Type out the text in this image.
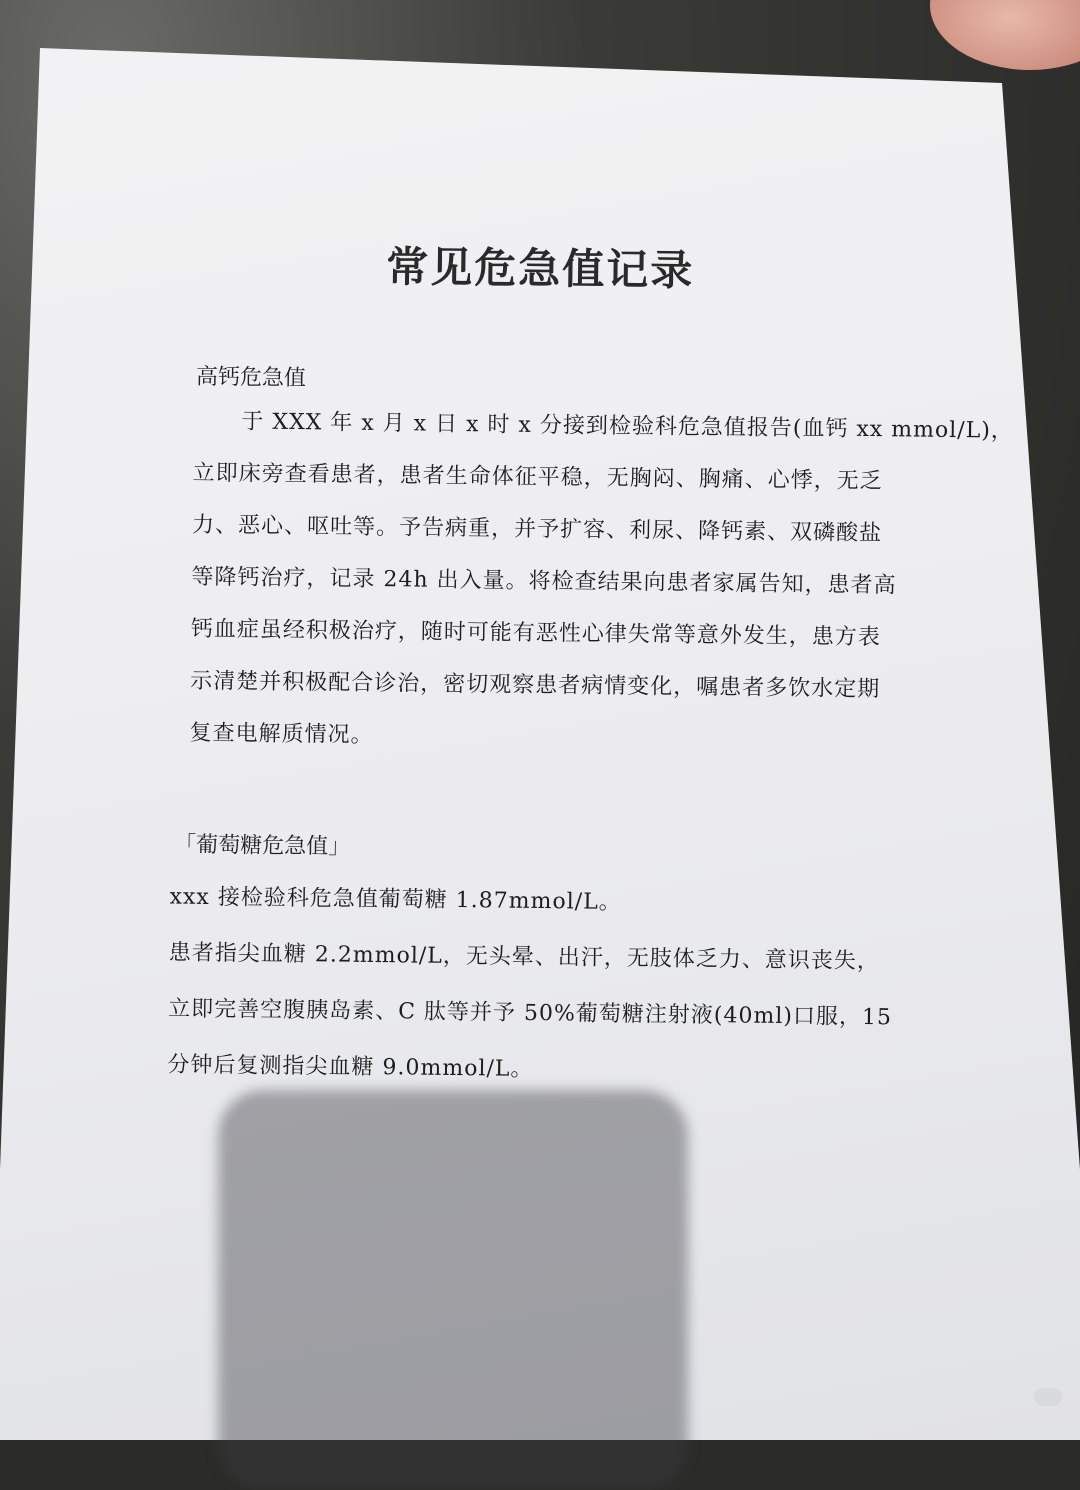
常见危急值记录
高钙危急值
于 XXX 年 x 月 x 日 x 时 x 分接到检验科危急值报告(血钙 xx mmol/L)，
立即床旁查看患者，患者生命体征平稳，无胸闷、胸痛、心悸，无乏
力、恶心、呕吐等。予告病重，并予扩容、利尿、降钙素、双磷酸盐
等降钙治疗，记录 24h 出入量。将检查结果向患者家属告知，患者高
钙血症虽经积极治疗，随时可能有恶性心律失常等意外发生，患方表
示清楚并积极配合诊治，密切观察患者病情变化，嘱患者多饮水定期
复查电解质情况。
「葡萄糖危急值」
xxx 接检验科危急值葡萄糖 1.87mmol/L。
患者指尖血糖 2.2mmol/L，无头晕、出汗，无肢体乏力、意识丧失，
立即完善空腹胰岛素、C 肽等并予 50%葡萄糖注射液(40ml)口服，15
分钟后复测指尖血糖 9.0mmol/L。
